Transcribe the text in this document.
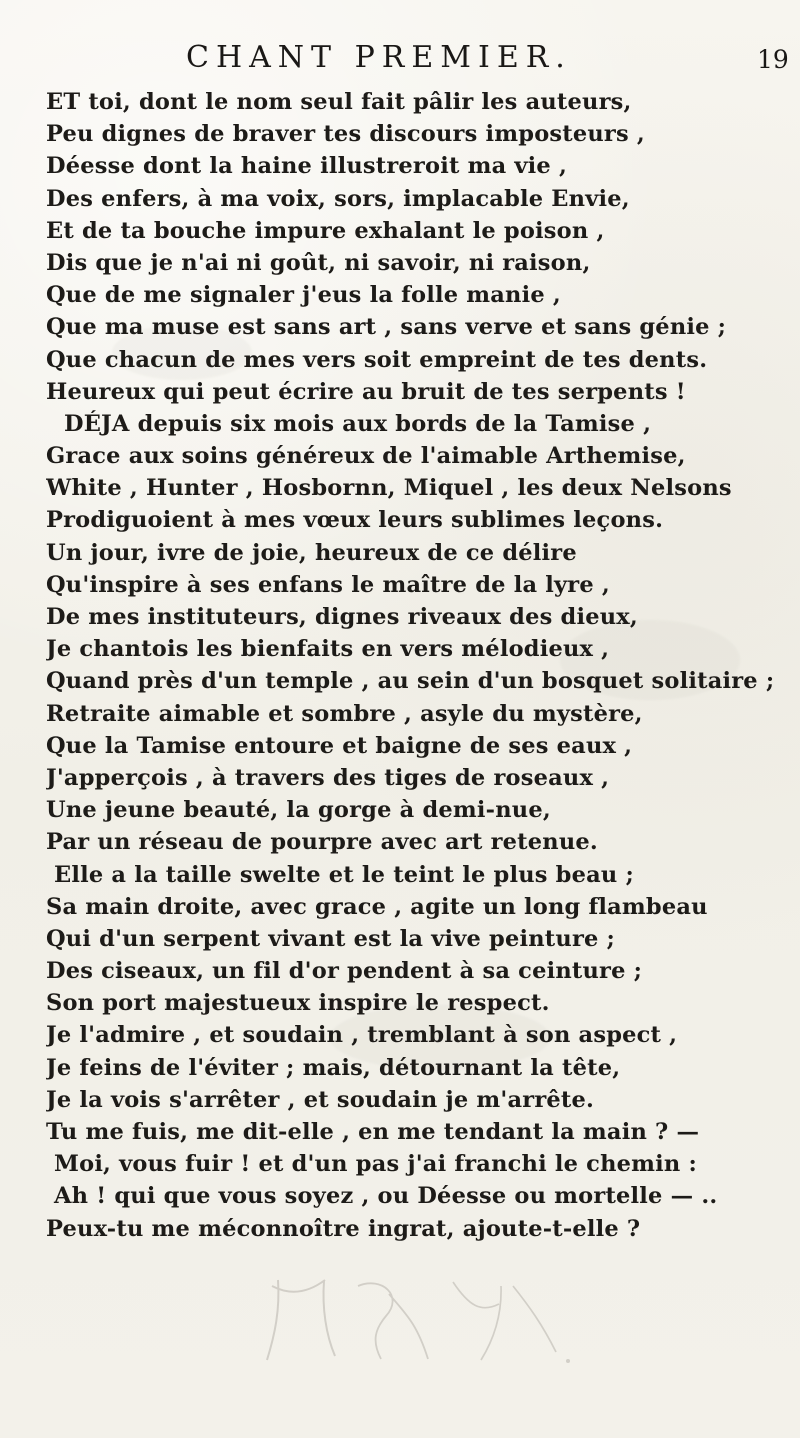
CHANT PREMIER.	19
ET toi, dont le nom seul fait pâlir les auteurs,
Peu dignes de braver tes discours imposteurs ,
Déesse dont la haine illustreroit ma vie ,
Des enfers, à ma voix, sors, implacable Envie,
Et de ta bouche impure exhalant le poison ,
Dis que je n'ai ni goût, ni savoir, ni raison,
Que de me signaler j'eus la folle manie ,
Que ma muse est sans art , sans verve et sans génie ;
Que chacun de mes vers soit empreint de tes dents.
Heureux qui peut écrire au bruit de tes serpents !
DÉJA depuis six mois aux bords de la Tamise ,
Grace aux soins généreux de l'aimable Arthemise,
White , Hunter , Hosbornn, Miquel , les deux Nelsons
Prodiguoient à mes vœux leurs sublimes leçons.
Un jour, ivre de joie, heureux de ce délire
Qu'inspire à ses enfans le maître de la lyre ,
De mes instituteurs, dignes riveaux des dieux,
Je chantois les bienfaits en vers mélodieux ,
Quand près d'un temple , au sein d'un bosquet solitaire ;
Retraite aimable et sombre , asyle du mystère,
Que la Tamise entoure et baigne de ses eaux ,
J'apperçois , à travers des tiges de roseaux ,
Une jeune beauté, la gorge à demi-nue,
Par un réseau de pourpre avec art retenue.
Elle a la taille swelte et le teint le plus beau ;
Sa main droite, avec grace , agite un long flambeau
Qui d'un serpent vivant est la vive peinture ;
Des ciseaux, un fil d'or pendent à sa ceinture ;
Son port majestueux inspire le respect.
Je l'admire , et soudain , tremblant à son aspect ,
Je feins de l'éviter ; mais, détournant la tête,
Je la vois s'arrêter , et soudain je m'arrête.
Tu me fuis, me dit-elle , en me tendant la main ? —
Moi, vous fuir ! et d'un pas j'ai franchi le chemin :
Ah ! qui que vous soyez , ou Déesse ou mortelle — ..
Peux-tu me méconnoître ingrat, ajoute-t-elle ?
